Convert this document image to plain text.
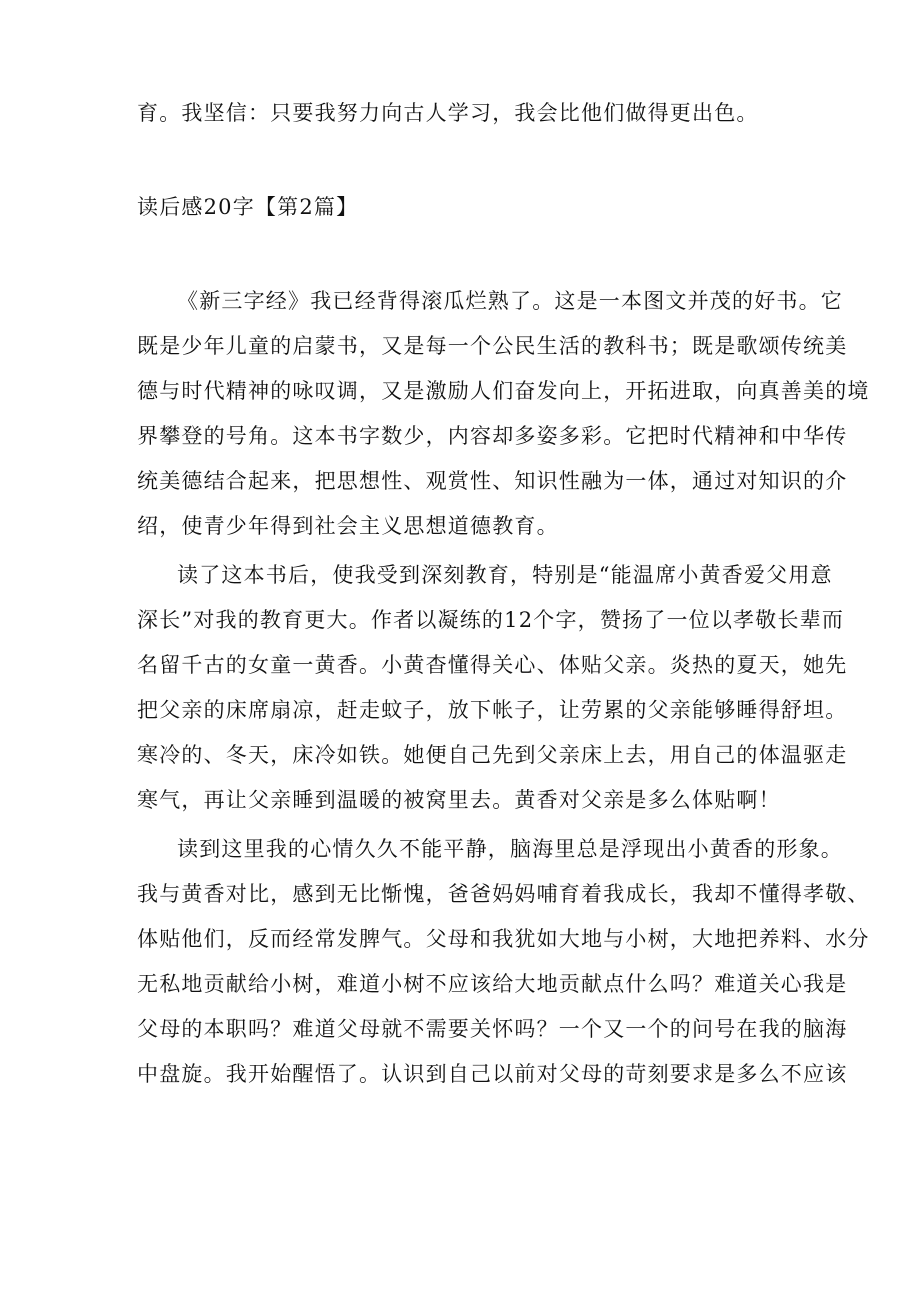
育。我坚信：只要我努力向古人学习，我会比他们做得更出色。
读后感20字【第2篇】
《新三字经》我已经背得滚瓜烂熟了。这是一本图文并茂的好书。它
既是少年儿童的启蒙书，又是每一个公民生活的教科书；既是歌颂传统美
德与时代精神的咏叹调，又是激励人们奋发向上，开拓进取，向真善美的境
界攀登的号角。这本书字数少，内容却多姿多彩。它把时代精神和中华传
统美德结合起来，把思想性、观赏性、知识性融为一体，通过对知识的介
绍，使青少年得到社会主义思想道德教育。
读了这本书后，使我受到深刻教育，特别是“能温席小黄香爱父用意
深长”对我的教育更大。作者以凝练的12个字，赞扬了一位以孝敬长辈而
名留千古的女童一黄香。小黄杳懂得关心、体贴父亲。炎热的夏天，她先
把父亲的床席扇凉，赶走蚊子，放下帐子，让劳累的父亲能够睡得舒坦。
寒冷的、冬天，床冷如铁。她便自己先到父亲床上去，用自己的体温驱走
寒气，再让父亲睡到温暖的被窝里去。黄香对父亲是多么体贴啊！
读到这里我的心情久久不能平静，脑海里总是浮现出小黄香的形象。
我与黄香对比，感到无比惭愧，爸爸妈妈哺育着我成长，我却不懂得孝敬、
体贴他们，反而经常发脾气。父母和我犹如大地与小树，大地把养料、水分
无私地贡献给小树，难道小树不应该给大地贡献点什么吗？难道关心我是
父母的本职吗？难道父母就不需要关怀吗？一个又一个的问号在我的脑海
中盘旋。我开始醒悟了。认识到自己以前对父母的苛刻要求是多么不应该
